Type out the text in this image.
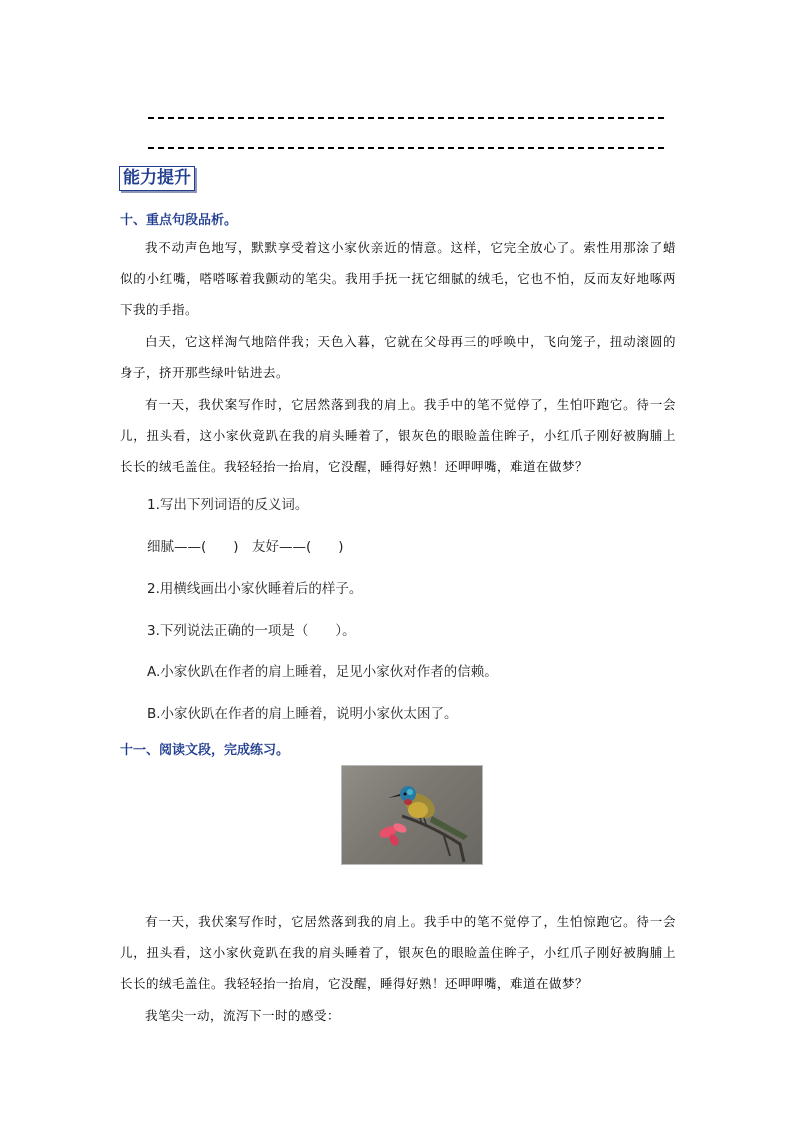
能力提升
十、重点句段品析。

我不动声色地写，默默享受着这小家伙亲近的情意。这样，它完全放心了。索性用那涂了蜡似的小红嘴，嗒嗒啄着我颤动的笔尖。我用手抚一抚它细腻的绒毛，它也不怕，反而友好地啄两下我的手指。

白天，它这样淘气地陪伴我；天色入暮，它就在父母再三的呼唤中，飞向笼子，扭动滚圆的身子，挤开那些绿叶钻进去。

有一天，我伏案写作时，它居然落到我的肩上。我手中的笔不觉停了，生怕吓跑它。待一会儿，扭头看，这小家伙竟趴在我的肩头睡着了，银灰色的眼睑盖住眸子，小红爪子刚好被胸脯上长长的绒毛盖住。我轻轻抬一抬肩，它没醒，睡得好熟！还呷呷嘴，难道在做梦？

1.写出下列词语的反义词。
细腻——(　　)　友好——(　　)
2.用横线画出小家伙睡着后的样子。
3.下列说法正确的一项是（　　）。
A.小家伙趴在作者的肩上睡着，足见小家伙对作者的信赖。
B.小家伙趴在作者的肩上睡着，说明小家伙太困了。
十一、阅读文段，完成练习。

有一天，我伏案写作时，它居然落到我的肩上。我手中的笔不觉停了，生怕惊跑它。待一会儿，扭头看，这小家伙竟趴在我的肩头睡着了，银灰色的眼睑盖住眸子，小红爪子刚好被胸脯上长长的绒毛盖住。我轻轻抬一抬肩，它没醒，睡得好熟！还呷呷嘴，难道在做梦？

我笔尖一动，流泻下一时的感受：
